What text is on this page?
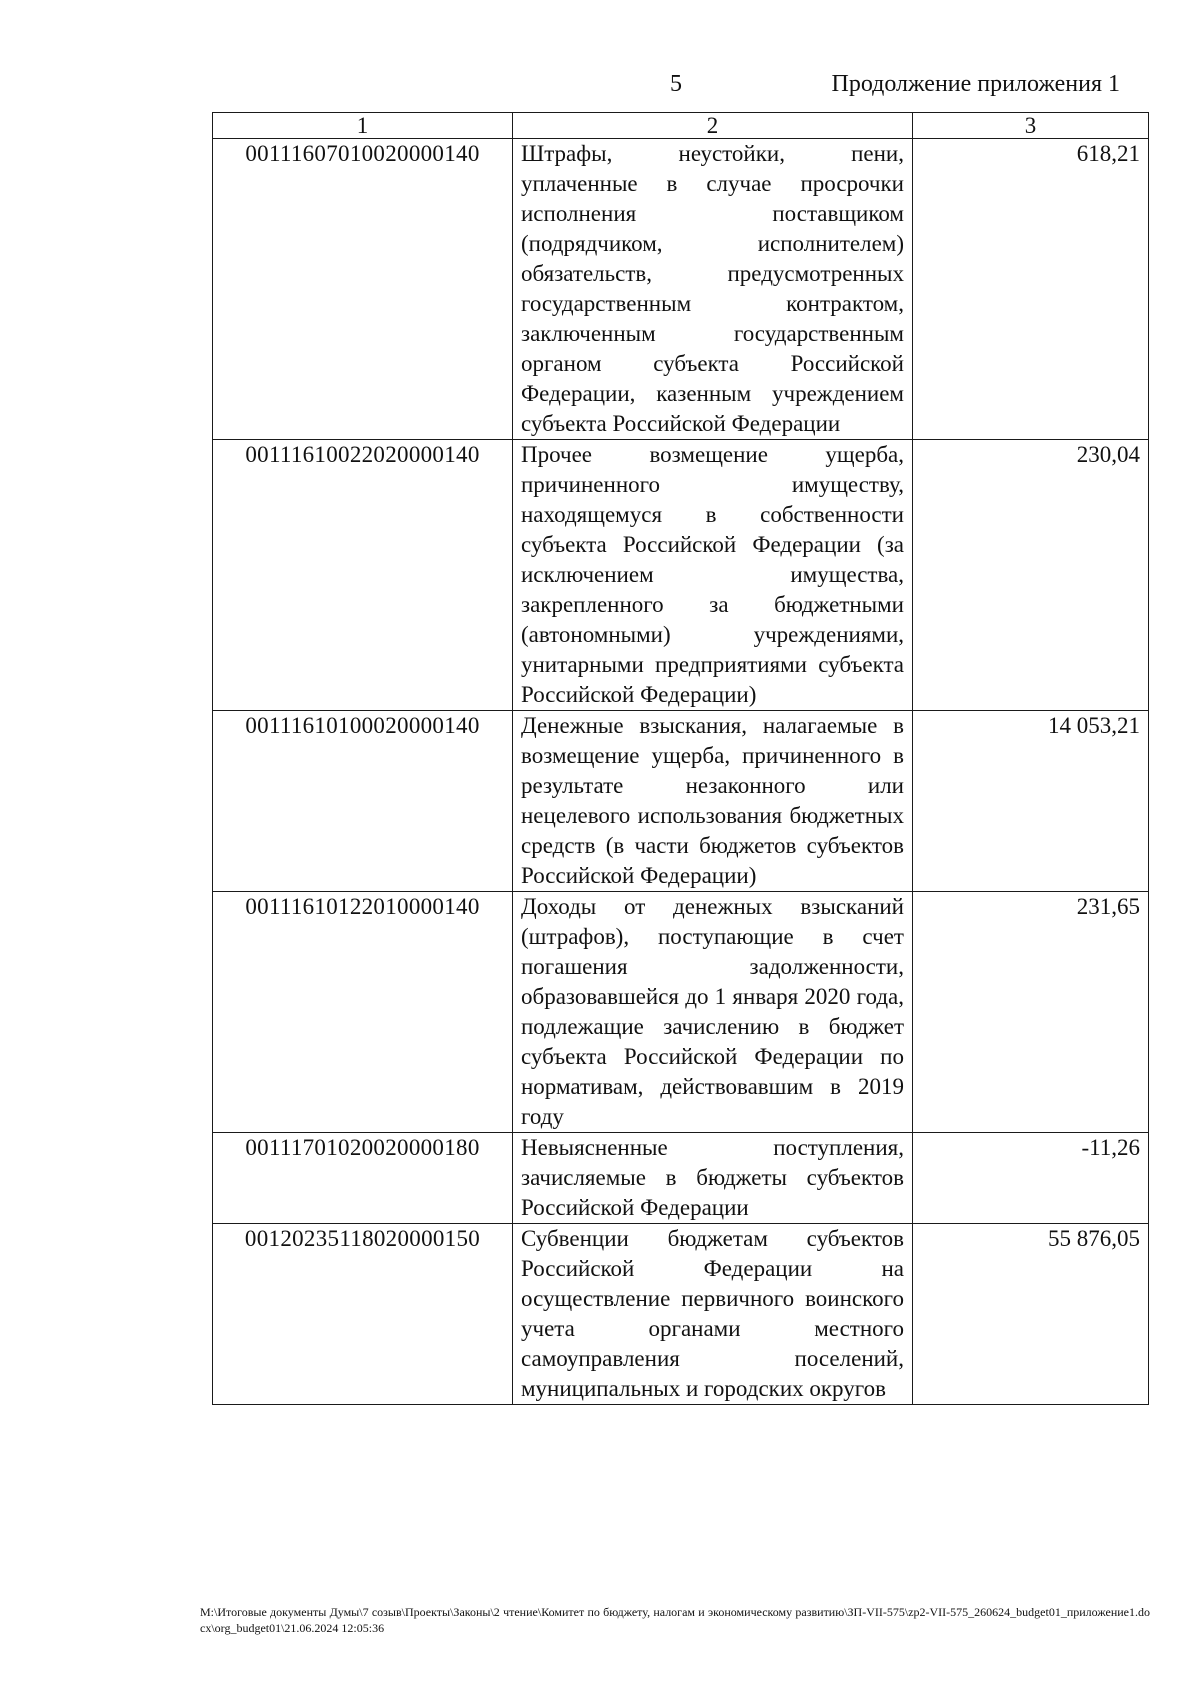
5	Продолжение приложения 1
1	2	3
00111607010020000140	Штрафы, неустойки, пени, уплаченные в случае просрочки исполнения поставщиком (подрядчиком, исполнителем) обязательств, предусмотренных государственным контрактом, заключенным государственным органом субъекта Российской Федерации, казенным учреждением субъекта Российской Федерации	618,21
00111610022020000140	Прочее возмещение ущерба, причиненного имуществу, находящемуся в собственности субъекта Российской Федерации (за исключением имущества, закрепленного за бюджетными (автономными) учреждениями, унитарными предприятиями субъекта Российской Федерации)	230,04
00111610100020000140	Денежные взыскания, налагаемые в возмещение ущерба, причиненного в результате незаконного или нецелевого использования бюджетных средств (в части бюджетов субъектов Российской Федерации)	14 053,21
00111610122010000140	Доходы от денежных взысканий (штрафов), поступающие в счет погашения задолженности, образовавшейся до 1 января 2020 года, подлежащие зачислению в бюджет субъекта Российской Федерации по нормативам, действовавшим в 2019 году	231,65
00111701020020000180	Невыясненные поступления, зачисляемые в бюджеты субъектов Российской Федерации	-11,26
00120235118020000150	Субвенции бюджетам субъектов Российской Федерации на осуществление первичного воинского учета органами местного самоуправления поселений, муниципальных и городских округов	55 876,05
М:\Итоговые документы Думы\7 созыв\Проекты\Законы\2 чтение\Комитет по бюджету, налогам и экономическому развитию\ЗП-VII-575\zp2-VII-575_260624_budget01_приложение1.docx\org_budget01\21.06.2024 12:05:36
